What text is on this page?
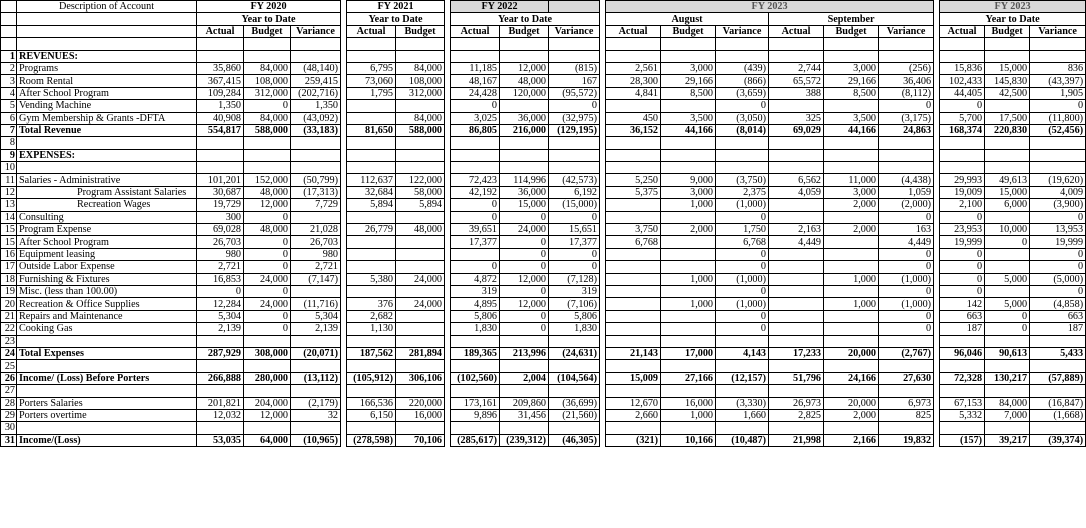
	Description of Account	FY 2020				FY 2021			FY 2022				FY 2023							FY 2023		
		Year to Date				Year to Date			Year to Date				August			September				Year to Date		
		Actual	Budget	Variance		Actual	Budget		Actual	Budget	Variance		Actual	Budget	Variance	Actual	Budget	Variance		Actual	Budget	Variance

1	REVENUES:																					
2	Programs	35,860	84,000	(48,140)		6,795	84,000		11,185	12,000	(815)		2,561	3,000	(439)	2,744	3,000	(256)		15,836	15,000	836
3	Room Rental	367,415	108,000	259,415		73,060	108,000		48,167	48,000	167		28,300	29,166	(866)	65,572	29,166	36,406		102,433	145,830	(43,397)
4	After School Program	109,284	312,000	(202,716)		1,795	312,000		24,428	120,000	(95,572)		4,841	8,500	(3,659)	388	8,500	(8,112)		44,405	42,500	1,905
5	Vending Machine	1,350	0	1,350					0		0				0			0		0		0
6	Gym Membership & Grants -DFTA	40,908	84,000	(43,092)			84,000		3,025	36,000	(32,975)		450	3,500	(3,050)	325	3,500	(3,175)		5,700	17,500	(11,800)
7	Total Revenue	554,817	588,000	(33,183)		81,650	588,000		86,805	216,000	(129,195)		36,152	44,166	(8,014)	69,029	44,166	24,863		168,374	220,830	(52,456)
8																						
9	EXPENSES:																					
10																						
11	Salaries - Administrative	101,201	152,000	(50,799)		112,637	122,000		72,423	114,996	(42,573)		5,250	9,000	(3,750)	6,562	11,000	(4,438)		29,993	49,613	(19,620)
12	Program Assistant Salaries	30,687	48,000	(17,313)		32,684	58,000		42,192	36,000	6,192		5,375	3,000	2,375	4,059	3,000	1,059		19,009	15,000	4,009
13	Recreation Wages	19,729	12,000	7,729		5,894	5,894		0	15,000	(15,000)			1,000	(1,000)		2,000	(2,000)		2,100	6,000	(3,900)
14	Consulting	300	0						0	0	0				0			0		0		0
15	Program Expense	69,028	48,000	21,028		26,779	48,000		39,651	24,000	15,651		3,750	2,000	1,750	2,163	2,000	163		23,953	10,000	13,953
15	After School Program	26,703	0	26,703					17,377	0	17,377		6,768		6,768	4,449		4,449		19,999	0	19,999
16	Equipment leasing	980	0	980						0	0				0			0		0		0
17	Outside Labor Expense	2,721	0	2,721					0	0	0				0			0		0		0
18	Furnishing & Fixtures	16,853	24,000	(7,147)		5,380	24,000		4,872	12,000	(7,128)			1,000	(1,000)		1,000	(1,000)		0	5,000	(5,000)
19	Misc. (less than 100.00)	0	0						319	0	319				0			0		0		0
20	Recreation & Office Supplies	12,284	24,000	(11,716)		376	24,000		4,895	12,000	(7,106)			1,000	(1,000)		1,000	(1,000)		142	5,000	(4,858)
21	Repairs and Maintenance	5,304	0	5,304		2,682			5,806	0	5,806				0			0		663	0	663
22	Cooking Gas	2,139	0	2,139		1,130			1,830	0	1,830				0			0		187	0	187
23																						
24	Total Expenses	287,929	308,000	(20,071)		187,562	281,894		189,365	213,996	(24,631)		21,143	17,000	4,143	17,233	20,000	(2,767)		96,046	90,613	5,433
25																						
26	Income/ (Loss) Before Porters	266,888	280,000	(13,112)		(105,912)	306,106		(102,560)	2,004	(104,564)		15,009	27,166	(12,157)	51,796	24,166	27,630		72,328	130,217	(57,889)
27																						
28	Porters Salaries	201,821	204,000	(2,179)		166,536	220,000		173,161	209,860	(36,699)		12,670	16,000	(3,330)	26,973	20,000	6,973		67,153	84,000	(16,847)
29	Porters overtime	12,032	12,000	32		6,150	16,000		9,896	31,456	(21,560)		2,660	1,000	1,660	2,825	2,000	825		5,332	7,000	(1,668)
30																						
31	Income/(Loss)	53,035	64,000	(10,965)		(278,598)	70,106		(285,617)	(239,312)	(46,305)		(321)	10,166	(10,487)	21,998	2,166	19,832		(157)	39,217	(39,374)
